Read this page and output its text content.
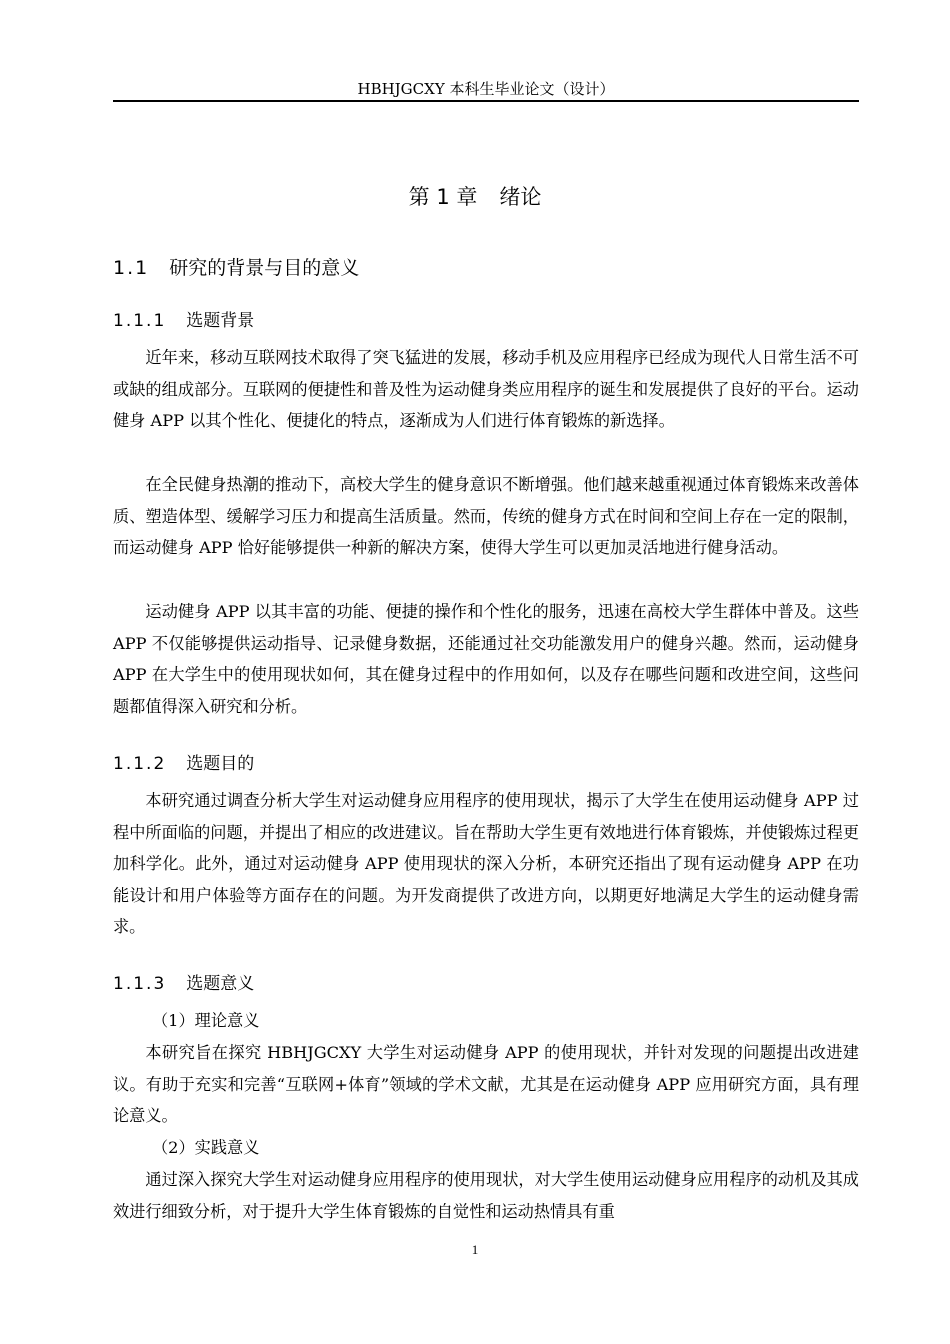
HBHJGCXY 本科生毕业论文（设计）
第 1 章 绪论
1.1 研究的背景与目的意义
1.1.1 选题背景

近年来，移动互联网技术取得了突飞猛进的发展，移动手机及应用程序已经成为现代人日常生活不可或缺的组成部分。互联网的便捷性和普及性为运动健身类应用程序的诞生和发展提供了良好的平台。运动健身 APP 以其个性化、便捷化的特点，逐渐成为人们进行体育锻炼的新选择。

在全民健身热潮的推动下，高校大学生的健身意识不断增强。他们越来越重视通过体育锻炼来改善体质、塑造体型、缓解学习压力和提高生活质量。然而，传统的健身方式在时间和空间上存在一定的限制，而运动健身 APP 恰好能够提供一种新的解决方案，使得大学生可以更加灵活地进行健身活动。

运动健身 APP 以其丰富的功能、便捷的操作和个性化的服务，迅速在高校大学生群体中普及。这些 APP 不仅能够提供运动指导、记录健身数据，还能通过社交功能激发用户的健身兴趣。然而，运动健身 APP 在大学生中的使用现状如何，其在健身过程中的作用如何，以及存在哪些问题和改进空间，这些问题都值得深入研究和分析。

1.1.2 选题目的

本研究通过调查分析大学生对运动健身应用程序的使用现状，揭示了大学生在使用运动健身 APP 过程中所面临的问题，并提出了相应的改进建议。旨在帮助大学生更有效地进行体育锻炼，并使锻炼过程更加科学化。此外，通过对运动健身 APP 使用现状的深入分析，本研究还指出了现有运动健身 APP 在功能设计和用户体验等方面存在的问题。为开发商提供了改进方向，以期更好地满足大学生的运动健身需求。

1.1.3 选题意义

（1）理论意义

本研究旨在探究 HBHJGCXY 大学生对运动健身 APP 的使用现状，并针对发现的问题提出改进建议。有助于充实和完善“互联网+体育”领域的学术文献，尤其是在运动健身 APP 应用研究方面，具有理论意义。

（2）实践意义

通过深入探究大学生对运动健身应用程序的使用现状，对大学生使用运动健身应用程序的动机及其成效进行细致分析，对于提升大学生体育锻炼的自觉性和运动热情具有重

1
